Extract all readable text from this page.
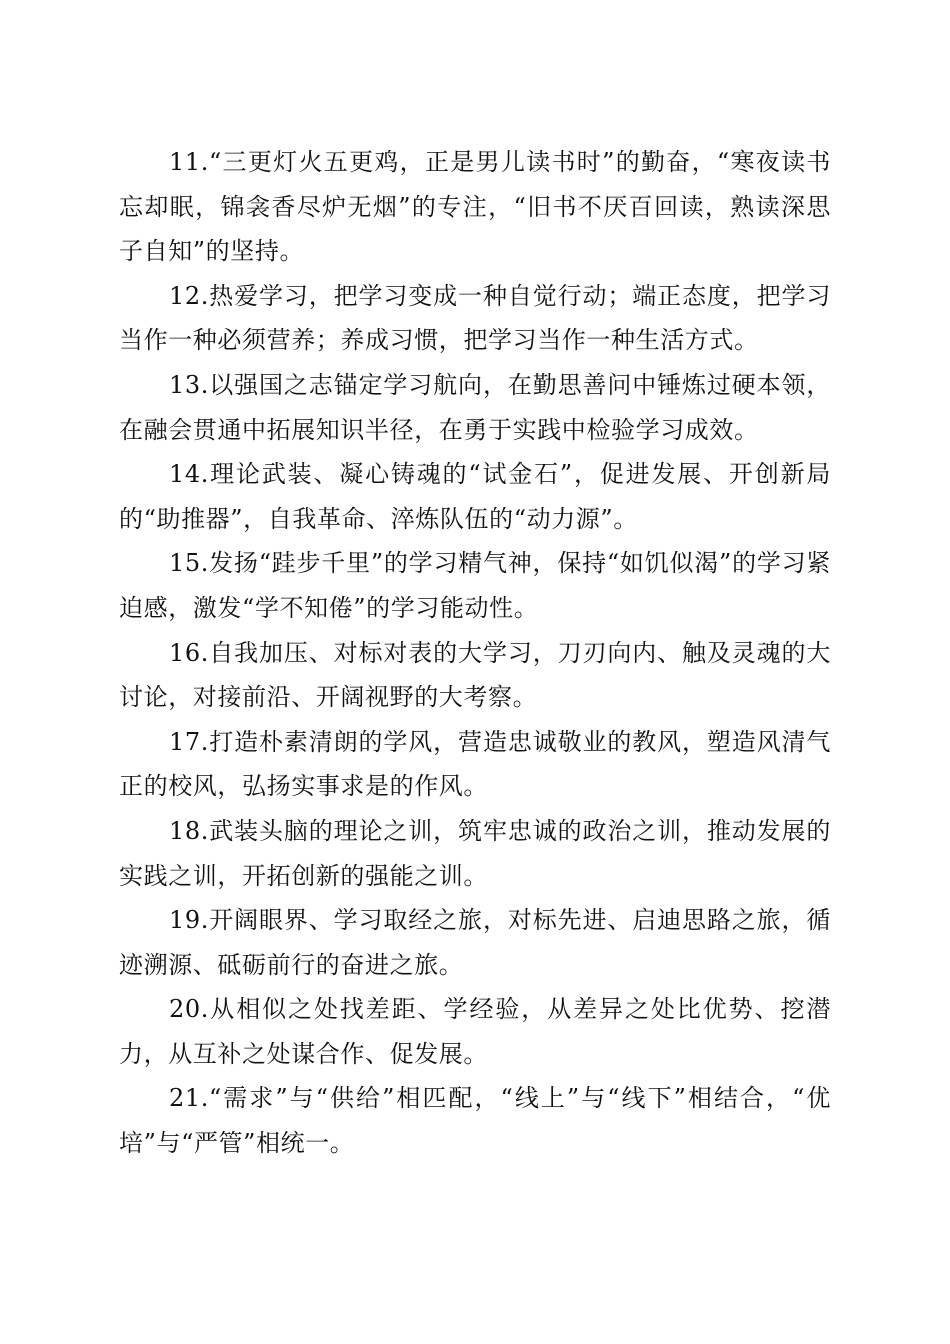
11.“三更灯火五更鸡，正是男儿读书时”的勤奋，“寒夜读书忘却眠，锦衾香尽炉无烟”的专注，“旧书不厌百回读，熟读深思子自知”的坚持。

12.热爱学习，把学习变成一种自觉行动；端正态度，把学习当作一种必须营养；养成习惯，把学习当作一种生活方式。

13.以强国之志锚定学习航向，在勤思善问中锤炼过硬本领，在融会贯通中拓展知识半径，在勇于实践中检验学习成效。

14.理论武装、凝心铸魂的“试金石”，促进发展、开创新局的“助推器”，自我革命、淬炼队伍的“动力源”。

15.发扬“跬步千里”的学习精气神，保持“如饥似渴”的学习紧迫感，激发“学不知倦”的学习能动性。

16.自我加压、对标对表的大学习，刀刃向内、触及灵魂的大讨论，对接前沿、开阔视野的大考察。

17.打造朴素清朗的学风，营造忠诚敬业的教风，塑造风清气正的校风，弘扬实事求是的作风。

18.武装头脑的理论之训，筑牢忠诚的政治之训，推动发展的实践之训，开拓创新的强能之训。

19.开阔眼界、学习取经之旅，对标先进、启迪思路之旅，循迹溯源、砥砺前行的奋进之旅。

20.从相似之处找差距、学经验，从差异之处比优势、挖潜力，从互补之处谋合作、促发展。

21.“需求”与“供给”相匹配，“线上”与“线下”相结合，“优培”与“严管”相统一。
